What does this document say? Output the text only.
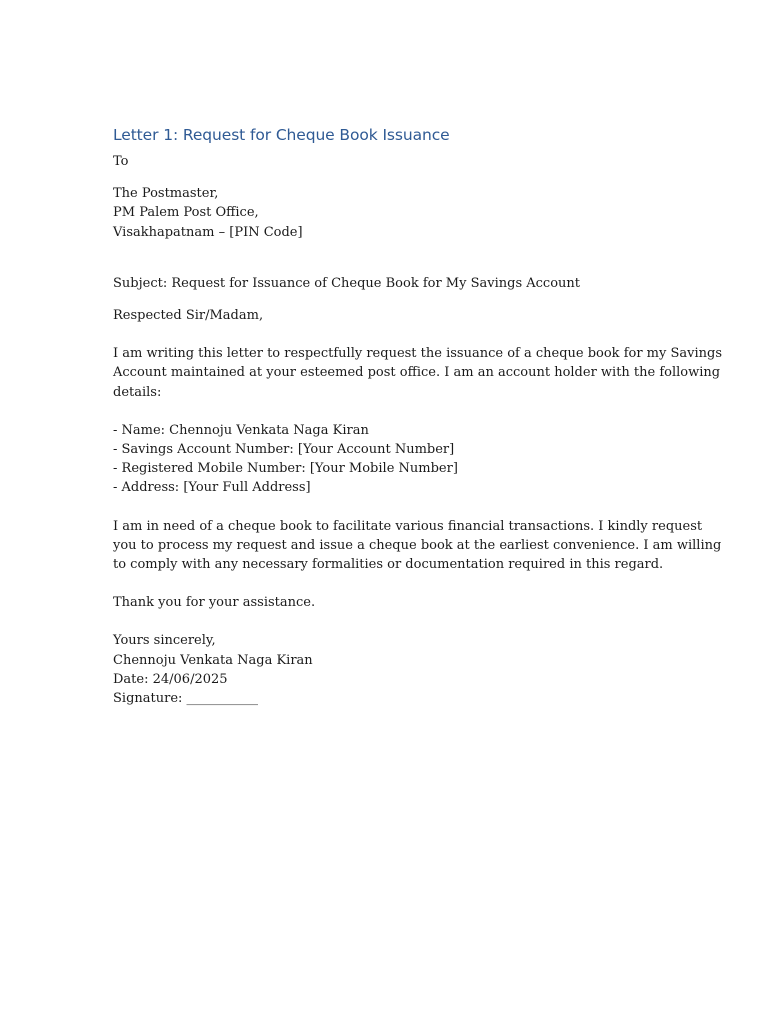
Letter 1: Request for Cheque Book Issuance
To
The Postmaster,
PM Palem Post Office,
Visakhapatnam – [PIN Code]
Subject: Request for Issuance of Cheque Book for My Savings Account
Respected Sir/Madam,
I am writing this letter to respectfully request the issuance of a cheque book for my Savings
Account maintained at your esteemed post office. I am an account holder with the following
details:
- Name: Chennoju Venkata Naga Kiran
- Savings Account Number: [Your Account Number]
- Registered Mobile Number: [Your Mobile Number]
- Address: [Your Full Address]
I am in need of a cheque book to facilitate various financial transactions. I kindly request
you to process my request and issue a cheque book at the earliest convenience. I am willing
to comply with any necessary formalities or documentation required in this regard.
Thank you for your assistance.
Yours sincerely,
Chennoju Venkata Naga Kiran
Date: 24/06/2025
Signature: ___________
